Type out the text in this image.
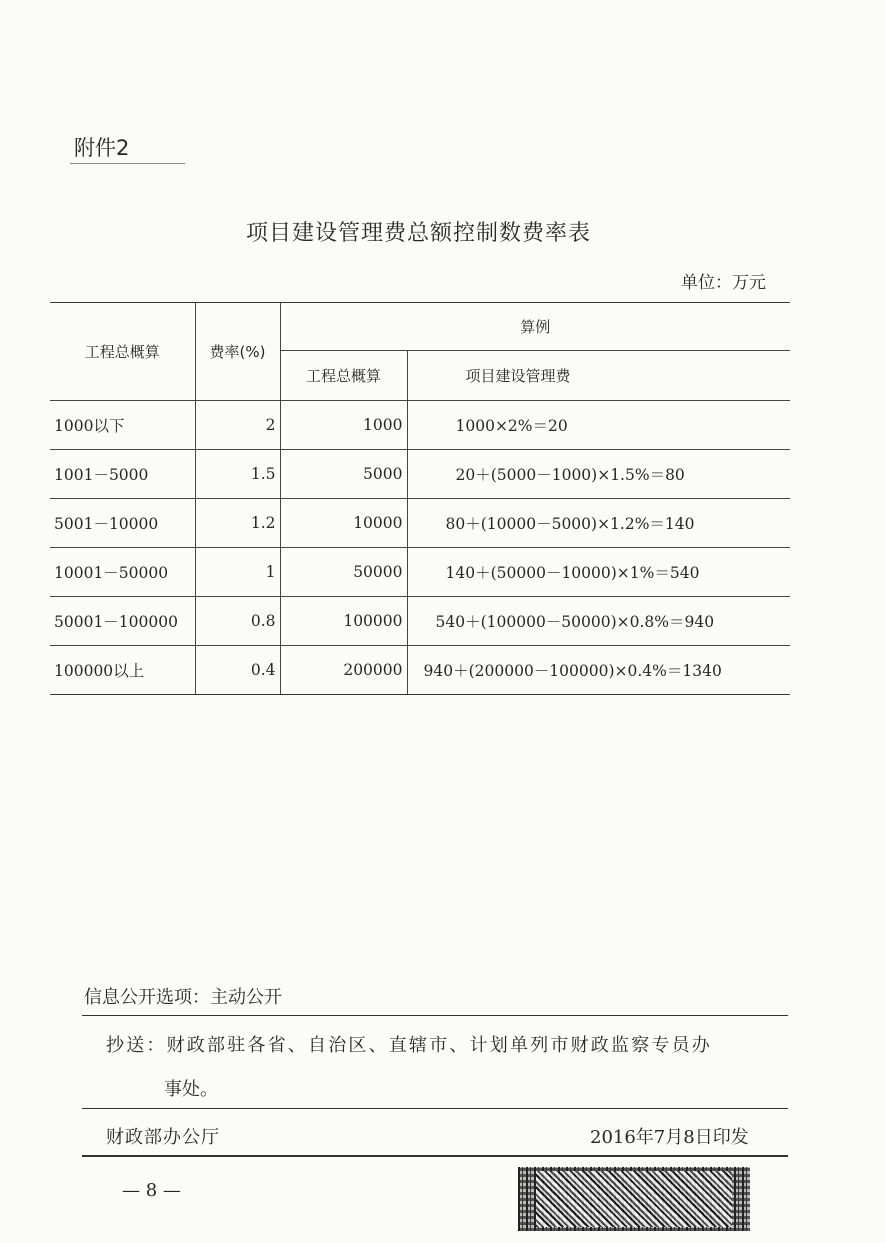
附件2
项目建设管理费总额控制数费率表
单位：万元
工程总概算	费率(%)	算例	
		工程总概算	项目建设管理费
1000以下	2	1000	1000×2%＝20
1001－5000	1.5	5000	20＋(5000－1000)×1.5%＝80
5001－10000	1.2	10000	80＋(10000－5000)×1.2%＝140
10001－50000	1	50000	140＋(50000－10000)×1%＝540
50001－100000	0.8	100000	540＋(100000－50000)×0.8%＝940
100000以上	0.4	200000	940＋(200000－100000)×0.4%＝1340
信息公开选项：主动公开
抄送：财政部驻各省、自治区、直辖市、计划单列市财政监察专员办
事处。
财政部办公厅	2016年7月8日印发
— 8 —
